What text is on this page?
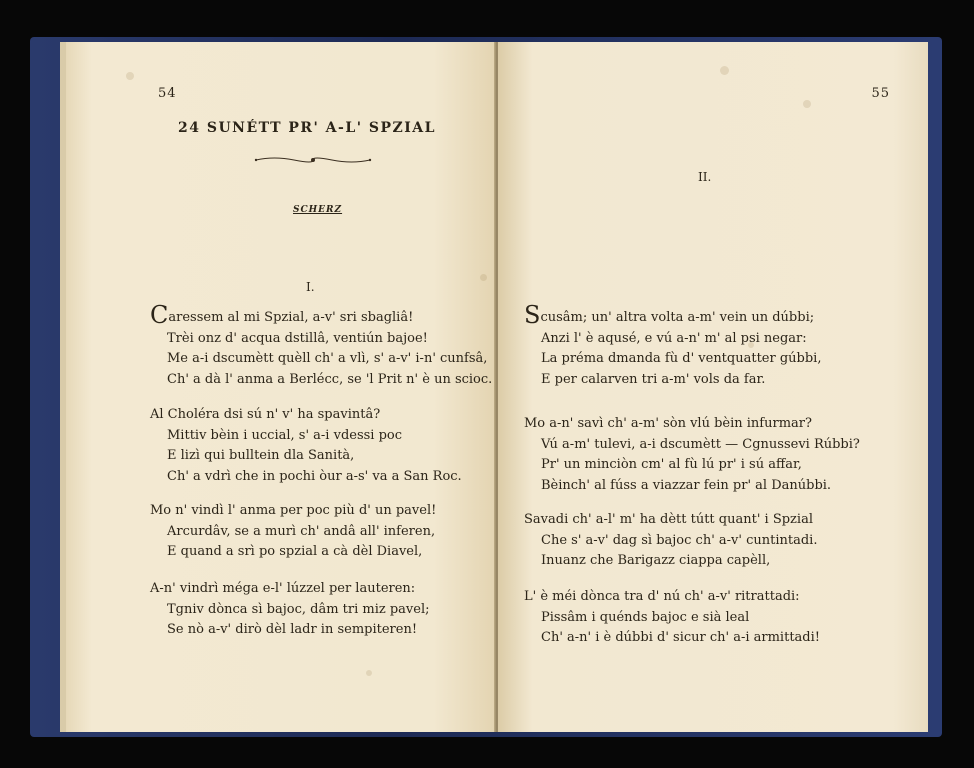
54
24 SUNÉTT PR' A-L' SPZIAL
SCHERZ
I.
Caressem al mi Spzial, a-v' sri sbagliâ!
Trèi onz d' acqua dstillâ, ventiún bajoe!
Me a-i dscumètt quèll ch' a vlì, s' a-v' i-n' cunfsâ,
Ch' a dà l' anma a Berlécc, se 'l Prit n' è un scioc.
Al Choléra dsi sú n' v' ha spavintâ?
Mittiv bèin i uccial, s' a-i vdessi poc
E lizì qui bulltein dla Sanità,
Ch' a vdrì che in pochi òur a-s' va a San Roc.
Mo n' vindì l' anma per poc più d' un pavel!
Arcurdâv, se a murì ch' andâ all' inferen,
E quand a srì po spzial a cà dèl Diavel,
A-n' vindrì méga e-l' lúzzel per lauteren:
Tgniv dònca sì bajoc, dâm tri miz pavel;
Se nò a-v' dirò dèl ladr in sempiteren!
55
II.
Scusâm; un' altra volta a-m' vein un dúbbi;
Anzi l' è aqusé, e vú a-n' m' al psi negar:
La préma dmanda fù d' ventquatter gúbbi,
E per calarven tri a-m' vols da far.
Mo a-n' savì ch' a-m' sòn vlú bèin infurmar?
Vú a-m' tulevi, a-i dscumètt — Cgnussevi Rúbbi?
Pr' un minciòn cm' al fù lú pr' i sú affar,
Bèinch' al fúss a viazzar fein pr' al Danúbbi.
Savadi ch' a-l' m' ha dètt tútt quant' i Spzial
Che s' a-v' dag sì bajoc ch' a-v' cuntintadi.
Inuanz che Barigazz ciappa capèll,
L' è méi dònca tra d' nú ch' a-v' ritrattadi:
Pissâm i quénds bajoc e sià leal
Ch' a-n' i è dúbbi d' sicur ch' a-i armittadi!
